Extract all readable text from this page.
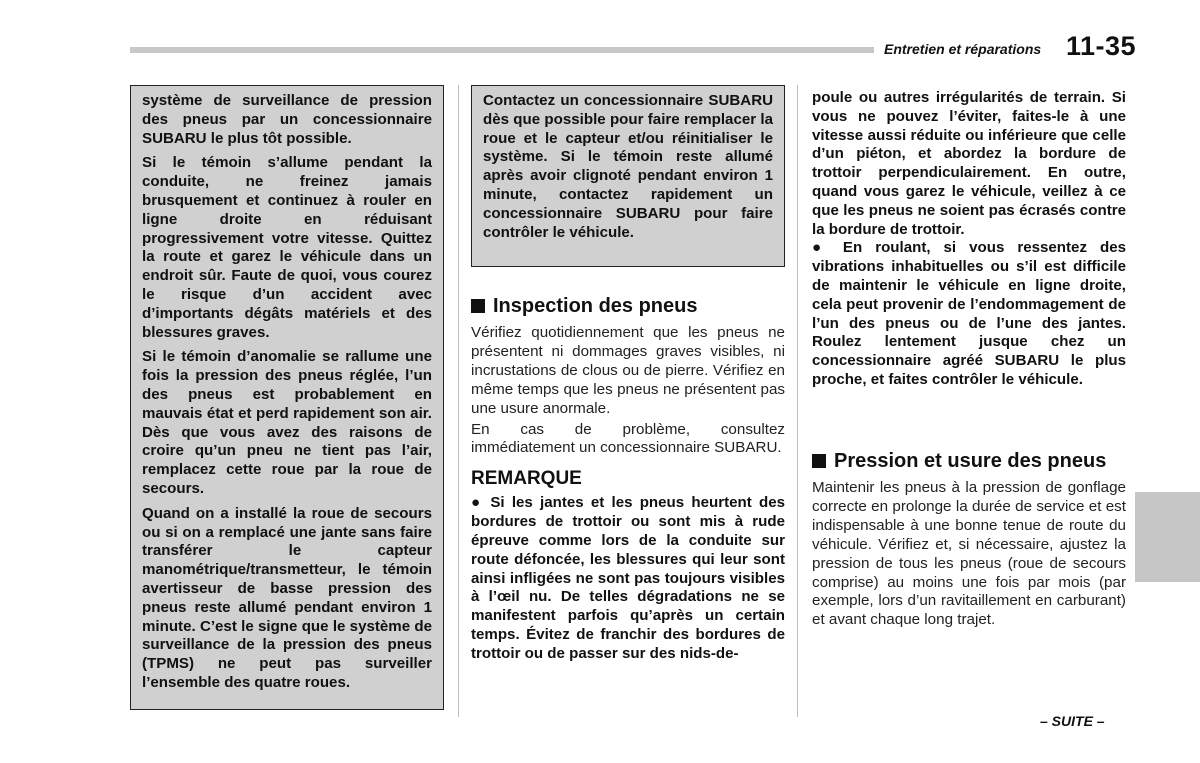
Entretien et réparations 11-35

système de surveillance de pression des pneus par un concessionnaire SUBARU le plus tôt possible.

Si le témoin s’allume pendant la conduite, ne freinez jamais brusquement et continuez à rouler en ligne droite en réduisant progressivement votre vitesse. Quittez la route et garez le véhicule dans un endroit sûr. Faute de quoi, vous courez le risque d’un accident avec d’importants dégâts matériels et des blessures graves.

Si le témoin d’anomalie se rallume une fois la pression des pneus réglée, l’un des pneus est probablement en mauvais état et perd rapidement son air. Dès que vous avez des raisons de croire qu’un pneu ne tient pas l’air, remplacez cette roue par la roue de secours.

Quand on a installé la roue de secours ou si on a remplacé une jante sans faire transférer le capteur manométrique/transmetteur, le témoin avertisseur de basse pression des pneus reste allumé pendant environ 1 minute. C’est le signe que le système de surveillance de la pression des pneus (TPMS) ne peut pas surveiller l’ensemble des quatre roues.

Contactez un concessionnaire SUBARU dès que possible pour faire remplacer la roue et le capteur et/ou réinitialiser le système. Si le témoin reste allumé après avoir clignoté pendant environ 1 minute, contactez rapidement un concessionnaire SUBARU pour faire contrôler le véhicule.

Inspection des pneus

Vérifiez quotidiennement que les pneus ne présentent ni dommages graves visibles, ni incrustations de clous ou de pierre. Vérifiez en même temps que les pneus ne présentent pas une usure anormale.

En cas de problème, consultez immédiatement un concessionnaire SUBARU.

REMARQUE

● Si les jantes et les pneus heurtent des bordures de trottoir ou sont mis à rude épreuve comme lors de la conduite sur route défoncée, les blessures qui leur sont ainsi infligées ne sont pas toujours visibles à l’œil nu. De telles dégradations ne se manifestent parfois qu’après un certain temps. Évitez de franchir des bordures de trottoir ou de passer sur des nids-de-

poule ou autres irrégularités de terrain. Si vous ne pouvez l’éviter, faites-le à une vitesse aussi réduite ou inférieure que celle d’un piéton, et abordez la bordure de trottoir perpendiculairement. En outre, quand vous garez le véhicule, veillez à ce que les pneus ne soient pas écrasés contre la bordure de trottoir.

● En roulant, si vous ressentez des vibrations inhabituelles ou s’il est difficile de maintenir le véhicule en ligne droite, cela peut provenir de l’endommagement de l’un des pneus ou de l’une des jantes. Roulez lentement jusque chez un concessionnaire agréé SUBARU le plus proche, et faites contrôler le véhicule.

Pression et usure des pneus

Maintenir les pneus à la pression de gonflage correcte en prolonge la durée de service et est indispensable à une bonne tenue de route du véhicule. Vérifiez et, si nécessaire, ajustez la pression de tous les pneus (roue de secours comprise) au moins une fois par mois (par exemple, lors d’un ravitaillement en carburant) et avant chaque long trajet.

– SUITE –
